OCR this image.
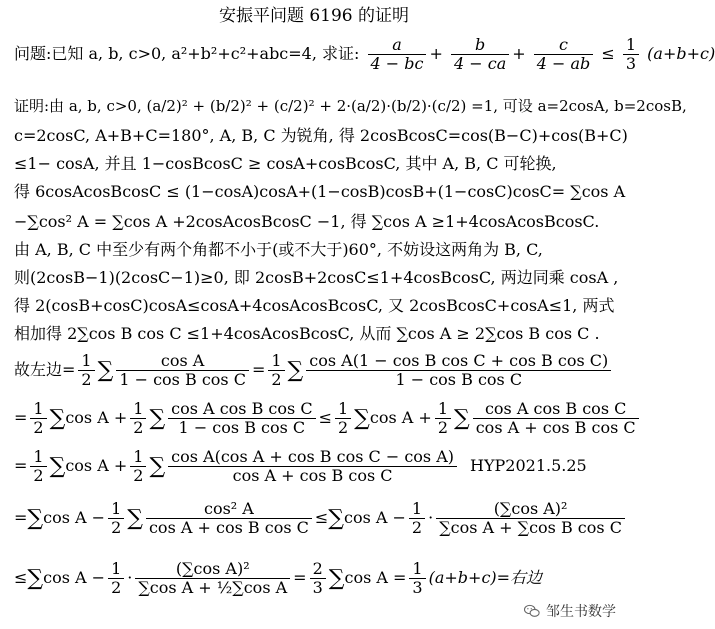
安振平问题 6196 的证明
问题:已知 a, b, c>0, a²+b²+c²+abc=4, 求证: $\frac{a}{4 - bc} + \frac{b}{4 - ca} + \frac{c}{4 - ab} \le \frac{1}{3} (a+b+c)$
证明:由 a, b, c>0, (a/2)² + (b/2)² + (c/2)² + 2·(a/2)·(b/2)·(c/2) =1, 可设 a=2cosA, b=2cosB,
c=2cosC, A+B+C=180°, A, B, C 为锐角, 得 2cosBcosC=cos(B−C)+cos(B+C)
≤1− cosA, 并且 1−cosBcosC ≥ cosA+cosBcosC, 其中 A, B, C 可轮换,
得 6cosAcosBcosC ≤ (1−cosA)cosA+(1−cosB)cosB+(1−cosC)cosC= ∑cos A
−∑cos² A = ∑cos A +2cosAcosBcosC −1, 得 ∑cos A ≥1+4cosAcosBcosC.
由 A, B, C 中至少有两个角都不小于(或不大于)60°, 不妨设这两角为 B, C,
则(2cosB−1)(2cosC−1)≥0, 即 2cosB+2cosC≤1+4cosBcosC, 两边同乘 cosA ,
得 2(cosB+cosC)cosA≤cosA+4cosAcosBcosC, 又 2cosBcosC+cosA≤1, 两式
相加得 2∑cos B cos C ≤1+4cosAcosBcosC, 从而 ∑cos A ≥ 2∑cos B cos C .
故左边= $\frac{1}{2}$ ∑ $\frac{\text{cos A}}{\text{1 − cos B cos C}} = \frac{1}{2}$ ∑ $\frac{\text{cos A(1 − cos B cos C + cos B cos C)}}{\text{1 − cos B cos C}}$
= $\frac{1}{2} \sum\cos$ $A + \frac{1}{2}$ ∑ $\frac{\text{cos A cos B cos C}}{\text{1 − cos B cos C}} \le \frac{1}{2} \sum\cos$ $A + \frac{1}{2}$ ∑ $\frac{\text{cos A cos B cos C}}{\text{cos A + cos B cos C}}$
= $\frac{1}{2} \sum\cos$ $A + \frac{1}{2}$ ∑ $\frac{\text{cos A(cos A + cos B cos C − cos A)}}{\text{cos A + cos B cos C}} HYP2021.5.25$
=∑cos $A - \frac{1}{2}$ ∑ $\frac{\text{cos² A}}{\text{cos A + cos B cos C}} \le\sum\cos$ $A - \frac{1}{2} \cdot \frac{\text{(∑cos A)²}}{\text{∑cos A + ∑cos B cos C}}$
≤∑cos $A - \frac{1}{2} \cdot \frac{\text{(∑cos A)²}}{\text{∑cos A + ½∑cos A}} = \frac{2}{3} \sum\cos$ $A = \frac{1}{3} (a+b+c)=$右边
邹生书数学
